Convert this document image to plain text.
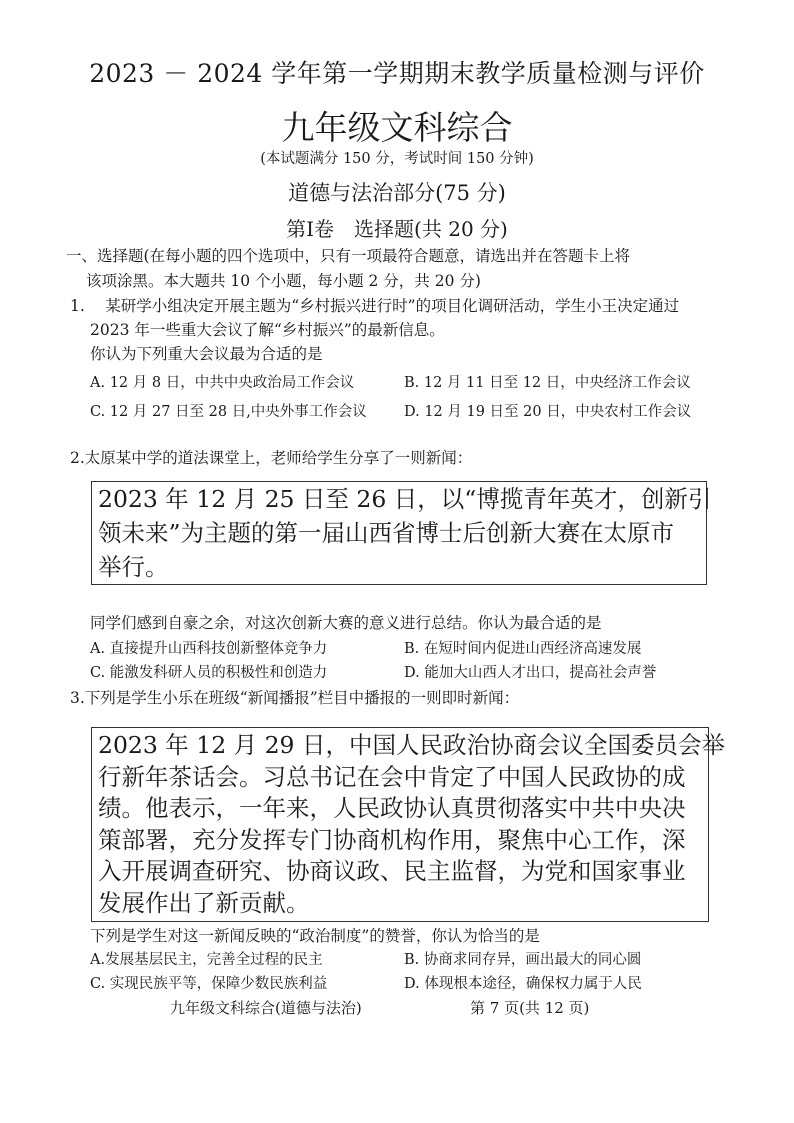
2023 － 2024 学年第一学期期末教学质量检测与评价
九年级文科综合
(本试题满分 150 分，考试时间 150 分钟)
道德与法治部分(75 分)
第Ⅰ卷　选择题(共 20 分)
一、选择题(在每小题的四个选项中，只有一项最符合题意，请选出并在答题卡上将
该项涂黑。本大题共 10 个小题，每小题 2 分，共 20 分)
1.　 某研学小组决定开展主题为“乡村振兴进行时”的项目化调研活动，学生小王决定通过
2023 年一些重大会议了解“乡村振兴”的最新信息。
你认为下列重大会议最为合适的是
A. 12 月 8 日，中共中央政治局工作会议	B. 12 月 11 日至 12 日，中央经济工作会议
C. 12 月 27 日至 28 日,中央外事工作会议	D. 12 月 19 日至 20 日，中央农村工作会议
2.太原某中学的道法课堂上，老师给学生分享了一则新闻：
2023 年 12 月 25 日至 26 日，以“博揽青年英才，创新引
领未来”为主题的第一届山西省博士后创新大赛在太原市
举行。
同学们感到自豪之余，对这次创新大赛的意义进行总结。你认为最合适的是
A. 直接提升山西科技创新整体竞争力	B. 在短时间内促进山西经济高速发展
C. 能激发科研人员的积极性和创造力	D. 能加大山西人才出口，提高社会声誉
3.下列是学生小乐在班级“新闻播报”栏目中播报的一则即时新闻：
2023 年 12 月 29 日，中国人民政治协商会议全国委员会举
行新年茶话会。习总书记在会中肯定了中国人民政协的成
绩。他表示，一年来，人民政协认真贯彻落实中共中央决
策部署，充分发挥专门协商机构作用，聚焦中心工作，深
入开展调查研究、协商议政、民主监督，为党和国家事业
发展作出了新贡献。
下列是学生对这一新闻反映的“政治制度”的赞誉，你认为恰当的是
A.发展基层民主，完善全过程的民主	B. 协商求同存异，画出最大的同心圆
C. 实现民族平等，保障少数民族利益	D. 体现根本途径，确保权力属于人民
九年级文科综合(道德与法治)	第 7 页(共 12 页)
